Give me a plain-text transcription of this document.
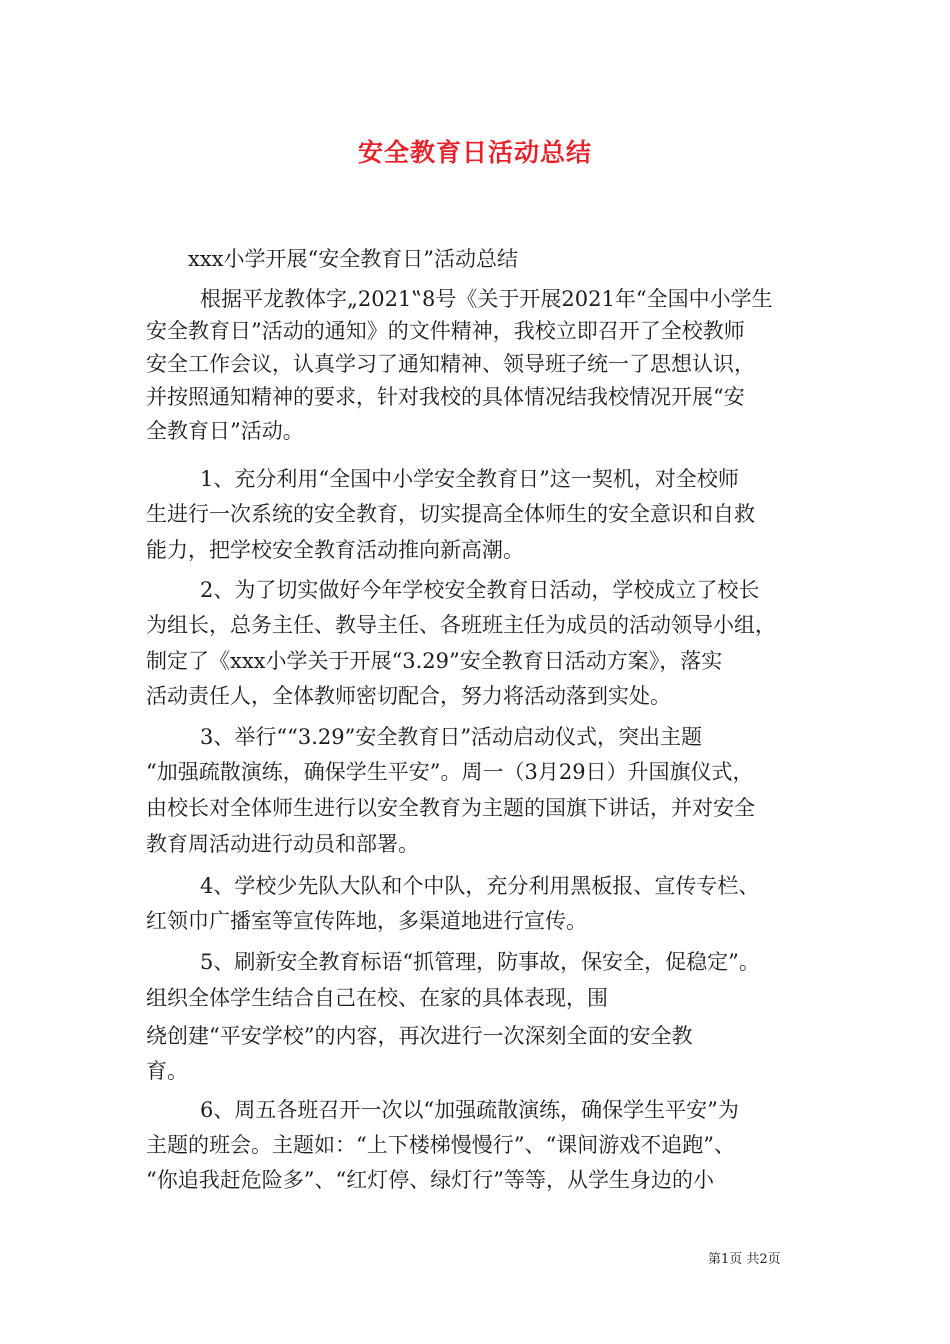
安全教育日活动总结
xxx小学开展“安全教育日”活动总结
根据平龙教体字„2021‟8号《关于开展2021年“全国中小学生
安全教育日”活动的通知》的文件精神，我校立即召开了全校教师
安全工作会议，认真学习了通知精神、领导班子统一了思想认识，
并按照通知精神的要求，针对我校的具体情况结我校情况开展“安
全教育日”活动。
1、充分利用“全国中小学安全教育日”这一契机，对全校师
生进行一次系统的安全教育，切实提高全体师生的安全意识和自救
能力，把学校安全教育活动推向新高潮。
2、为了切实做好今年学校安全教育日活动，学校成立了校长
为组长，总务主任、教导主任、各班班主任为成员的活动领导小组，
制定了《xxx小学关于开展“3.29”安全教育日活动方案》，落实
活动责任人，全体教师密切配合，努力将活动落到实处。
3、举行““3.29”安全教育日”活动启动仪式，突出主题
“加强疏散演练，确保学生平安”。周一（3月29日）升国旗仪式，
由校长对全体师生进行以安全教育为主题的国旗下讲话，并对安全
教育周活动进行动员和部署。
4、学校少先队大队和个中队，充分利用黑板报、宣传专栏、
红领巾广播室等宣传阵地，多渠道地进行宣传。
5、刷新安全教育标语“抓管理，防事故，保安全，促稳定”。
组织全体学生结合自己在校、在家的具体表现，围
绕创建“平安学校”的内容，再次进行一次深刻全面的安全教
育。
6、周五各班召开一次以“加强疏散演练，确保学生平安”为
主题的班会。主题如：“上下楼梯慢慢行”、“课间游戏不追跑”、
“你追我赶危险多”、“红灯停、绿灯行”等等，从学生身边的小
第1页 共2页
